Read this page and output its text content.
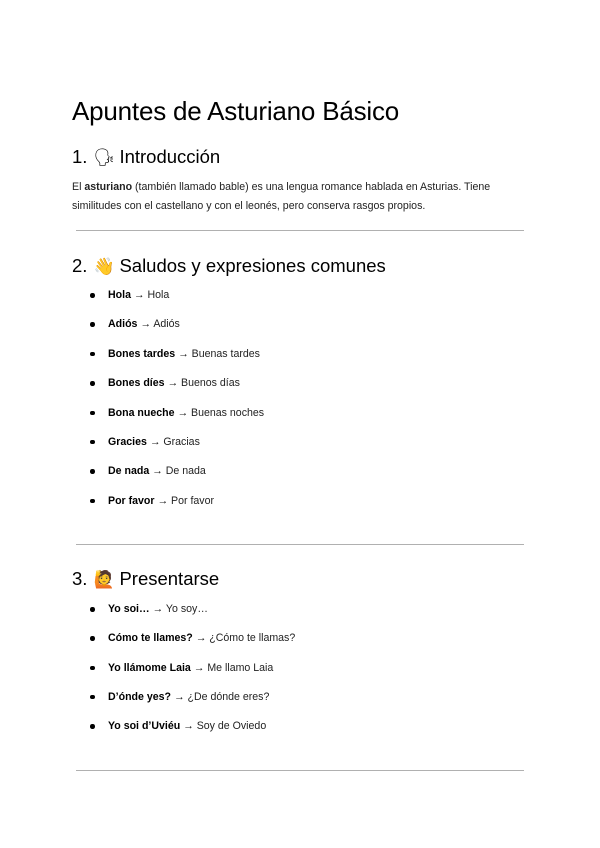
Apuntes de Asturiano Básico
1. 🗣 Introducción

El asturiano (también llamado bable) es una lengua romance hablada en Asturias. Tiene similitudes con el castellano y con el leonés, pero conserva rasgos propios.

2. 👋 Saludos y expresiones comunes
Hola → Hola
Adiós → Adiós
Bones tardes → Buenas tardes
Bones díes → Buenos días
Bona nueche → Buenas noches
Gracies → Gracias
De nada → De nada
Por favor → Por favor
3. 🙋 Presentarse
Yo soi… → Yo soy…
Cómo te llames? → ¿Cómo te llamas?
Yo llámome Laia → Me llamo Laia
D’ónde yes? → ¿De dónde eres?
Yo soi d’Uviéu → Soy de Oviedo
